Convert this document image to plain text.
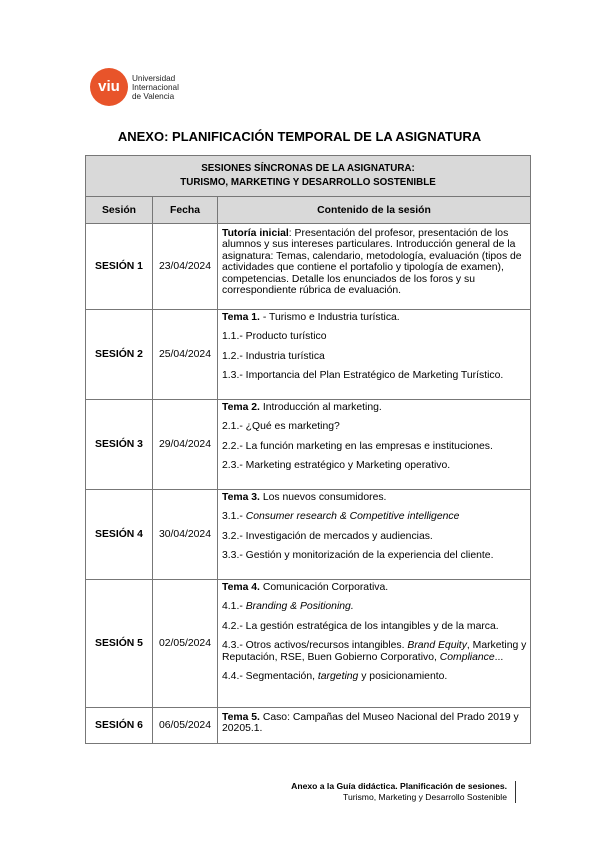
viu	Universidad
Internacional
de Valencia
ANEXO: PLANIFICACIÓN TEMPORAL DE LA ASIGNATURA
SESIONES SÍNCRONAS DE LA ASIGNATURA:
TURISMO, MARKETING Y DESARROLLO SOSTENIBLE		

Sesión	Fecha	Contenido de la sesión
SESIÓN 1	23/04/2024	Tutoría inicial: Presentación del profesor, presentación de los alumnos y sus intereses particulares. Introducción general de la asignatura: Temas, calendario, metodología, evaluación (tipos de actividades que contiene el portafolio y tipología de examen), competencias. Detalle los enunciados de los foros y su correspondiente rúbrica de evaluación.

SESIÓN 2	25/04/2024	Tema 1. - Turismo e Industria turística.

1.1.- Producto turístico

1.2.- Industria turística

1.3.- Importancia del Plan Estratégico de Marketing Turístico.

SESIÓN 3	29/04/2024	Tema 2. Introducción al marketing.

2.1.- ¿Qué es marketing?

2.2.- La función marketing en las empresas e instituciones.

2.3.- Marketing estratégico y Marketing operativo.

SESIÓN 4	30/04/2024	Tema 3. Los nuevos consumidores.

3.1.- Consumer research & Competitive intelligence

3.2.- Investigación de mercados y audiencias.

3.3.- Gestión y monitorización de la experiencia del cliente.

SESIÓN 5	02/05/2024	Tema 4. Comunicación Corporativa.

4.1.- Branding & Positioning.

4.2.- La gestión estratégica de los intangibles y de la marca.

4.3.- Otros activos/recursos intangibles. Brand Equity, Marketing y Reputación, RSE, Buen Gobierno Corporativo, Compliance...

4.4.- Segmentación, targeting y posicionamiento.

SESIÓN 6	06/05/2024	Tema 5. Caso: Campañas del Museo Nacional del Prado 2019 y 20205.1.

Anexo a la Guía didáctica. Planificación de sesiones.
Turismo, Marketing y Desarrollo Sostenible
